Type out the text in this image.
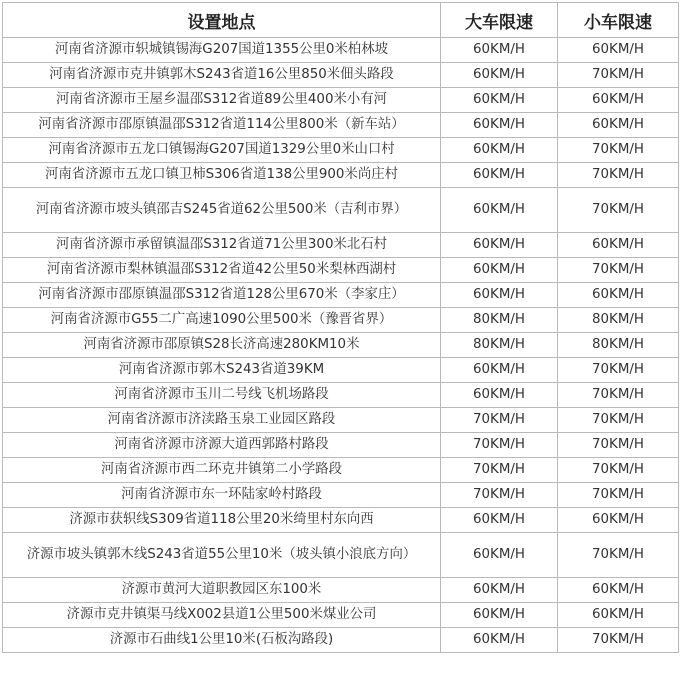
设置地点	大车限速	小车限速
河南省济源市轵城镇锡海G207国道1355公里0米柏林坡	60KM/H	60KM/H
河南省济源市克井镇郭木S243省道16公里850米佃头路段	60KM/H	70KM/H
河南省济源市王屋乡温邵S312省道89公里400米小有河	60KM/H	60KM/H
河南省济源市邵原镇温邵S312省道114公里800米（新车站）	60KM/H	60KM/H
河南省济源市五龙口镇锡海G207国道1329公里0米山口村	60KM/H	70KM/H
河南省济源市五龙口镇卫柿S306省道138公里900米尚庄村	60KM/H	70KM/H
河南省济源市坡头镇邵吉S245省道62公里500米（吉利市界）	60KM/H	70KM/H
河南省济源市承留镇温邵S312省道71公里300米北石村	60KM/H	60KM/H
河南省济源市梨林镇温邵S312省道42公里50米梨林西湖村	60KM/H	70KM/H
河南省济源市邵原镇温邵S312省道128公里670米（李家庄）	60KM/H	60KM/H
河南省济源市G55二广高速1090公里500米（豫晋省界）	80KM/H	80KM/H
河南省济源市邵原镇S28长济高速280KM10米	80KM/H	80KM/H
河南省济源市郭木S243省道39KM	60KM/H	70KM/H
河南省济源市玉川二号线飞机场路段	60KM/H	70KM/H
河南省济源市济渎路玉泉工业园区路段	70KM/H	70KM/H
河南省济源市济源大道西郭路村路段	70KM/H	70KM/H
河南省济源市西二环克井镇第二小学路段	70KM/H	70KM/H
河南省济源市东一环陆家岭村路段	70KM/H	70KM/H
济源市获轵线S309省道118公里20米绮里村东向西	60KM/H	60KM/H
济源市坡头镇郭木线S243省道55公里10米（坡头镇小浪底方向）	60KM/H	70KM/H
济源市黄河大道职教园区东100米	60KM/H	60KM/H
济源市克井镇渠马线X002县道1公里500米煤业公司	60KM/H	60KM/H
济源市石曲线1公里10米(石板沟路段)	60KM/H	70KM/H
